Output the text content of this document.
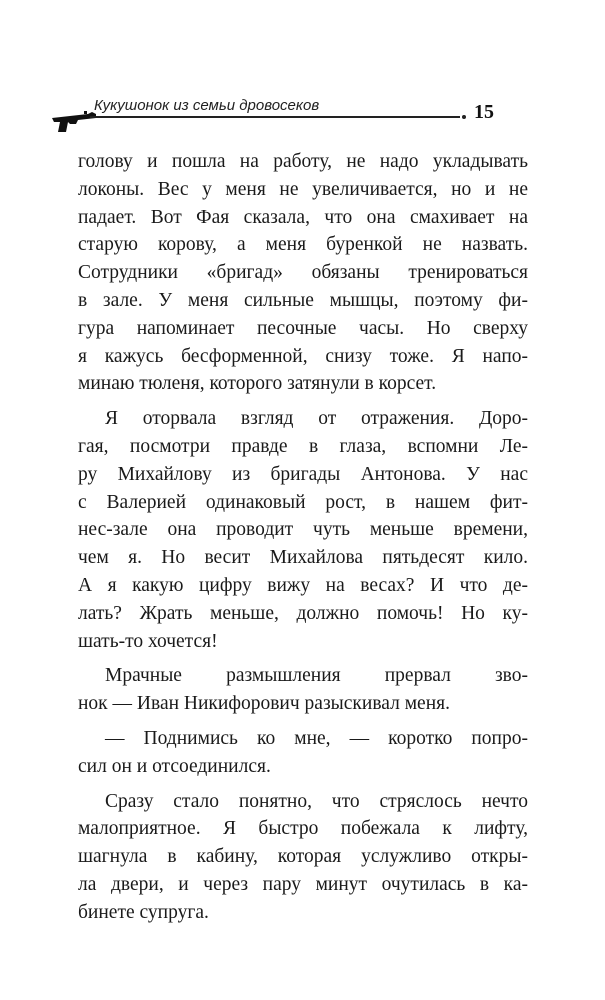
Кукушонок из семьи дровосеков	15

голову и пошла на работу, не надо укладывать
локоны. Вес у меня не увеличивается, но и не
падает. Вот Фая сказала, что она смахивает на
старую корову, а меня буренкой не назвать.
Сотрудники «бригад» обязаны тренироваться
в зале. У меня сильные мышцы, поэтому фи-
гура напоминает песочные часы. Но сверху
я кажусь бесформенной, снизу тоже. Я напо-
минаю тюленя, которого затянули в корсет.

Я оторвала взгляд от отражения. Доро-
гая, посмотри правде в глаза, вспомни Ле-
ру Михайлову из бригады Антонова. У нас
с Валерией одинаковый рост, в нашем фит-
нес-зале она проводит чуть меньше времени,
чем я. Но весит Михайлова пятьдесят кило.
А я какую цифру вижу на весах? И что де-
лать? Жрать меньше, должно помочь! Но ку-
шать-то хочется!

Мрачные размышления прервал зво-
нок — Иван Никифорович разыскивал меня.

— Поднимись ко мне, — коротко попро-
сил он и отсоединился.

Сразу стало понятно, что стряслось нечто
малоприятное. Я быстро побежала к лифту,
шагнула в кабину, которая услужливо откры-
ла двери, и через пару минут очутилась в ка-
бинете супруга.
